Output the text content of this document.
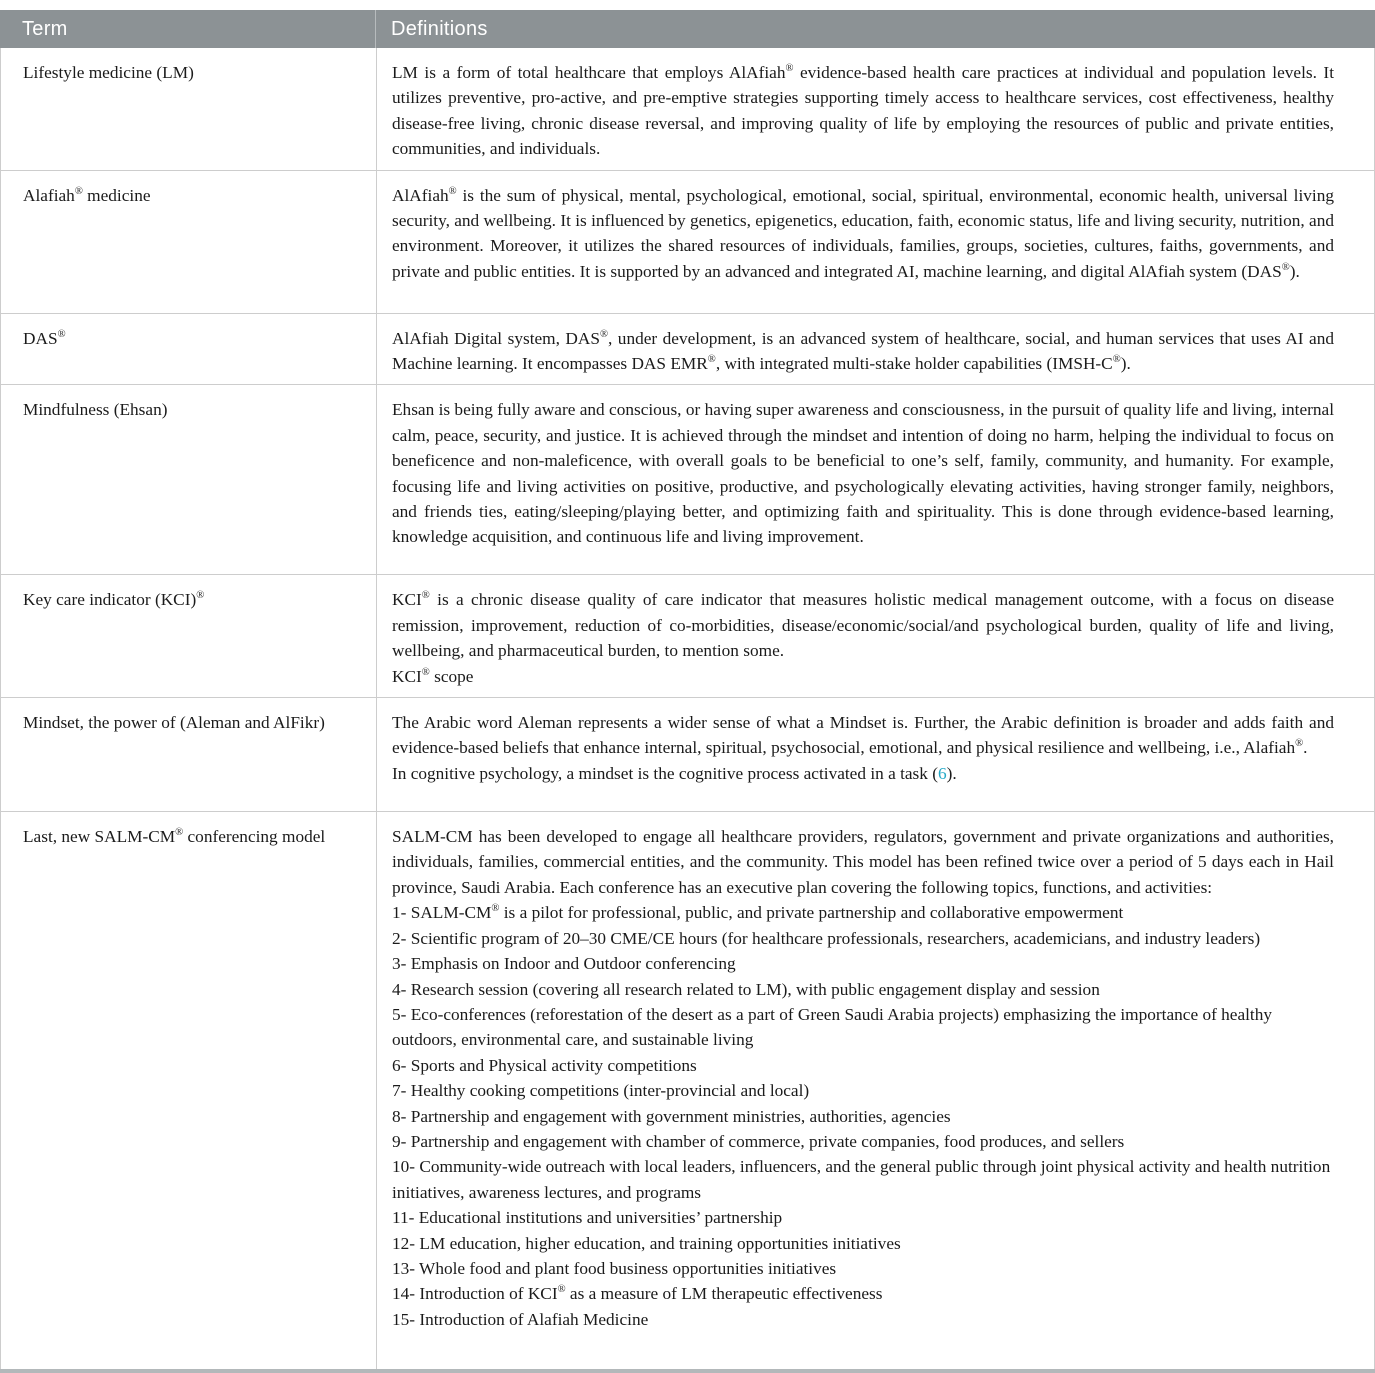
Term	Definitions
Lifestyle medicine (LM)	LM is a form of total healthcare that employs AlAfiah® evidence-based health care practices at individual and population levels. It utilizes preventive, pro-active, and pre-emptive strategies supporting timely access to healthcare services, cost effectiveness, healthy disease-free living, chronic disease reversal, and improving quality of life by employing the resources of public and private entities, communities, and individuals.
Alafiah® medicine	AlAfiah® is the sum of physical, mental, psychological, emotional, social, spiritual, environmental, economic health, universal living security, and wellbeing. It is influenced by genetics, epigenetics, education, faith, economic status, life and living security, nutrition, and environment. Moreover, it utilizes the shared resources of individuals, families, groups, societies, cultures, faiths, governments, and private and public entities. It is supported by an advanced and integrated AI, machine learning, and digital AlAfiah system (DAS®).
DAS®	AlAfiah Digital system, DAS®, under development, is an advanced system of healthcare, social, and human services that uses AI and Machine learning. It encompasses DAS EMR®, with integrated multi-stake holder capabilities (IMSH-C®).
Mindfulness (Ehsan)	Ehsan is being fully aware and conscious, or having super awareness and consciousness, in the pursuit of quality life and living, internal calm, peace, security, and justice. It is achieved through the mindset and intention of doing no harm, helping the individual to focus on beneficence and non-maleficence, with overall goals to be beneficial to one’s self, family, community, and humanity. For example, focusing life and living activities on positive, productive, and psychologically elevating activities, having stronger family, neighbors, and friends ties, eating/sleeping/playing better, and optimizing faith and spirituality. This is done through evidence-based learning, knowledge acquisition, and continuous life and living improvement.
Key care indicator (KCI)®	KCI® is a chronic disease quality of care indicator that measures holistic medical management outcome, with a focus on disease remission, improvement, reduction of co-morbidities, disease/economic/social/and psychological burden, quality of life and living, wellbeing, and pharmaceutical burden, to mention some.
KCI® scope
Mindset, the power of (Aleman and AlFikr)	The Arabic word Aleman represents a wider sense of what a Mindset is. Further, the Arabic definition is broader and adds faith and evidence-based beliefs that enhance internal, spiritual, psychosocial, emotional, and physical resilience and wellbeing, i.e., Alafiah®.
In cognitive psychology, a mindset is the cognitive process activated in a task (6).
Last, new SALM-CM® conferencing model	SALM-CM has been developed to engage all healthcare providers, regulators, government and private organizations and authorities, individuals, families, commercial entities, and the community. This model has been refined twice over a period of 5 days each in Hail province, Saudi Arabia. Each conference has an executive plan covering the following topics, functions, and activities:
1- SALM-CM® is a pilot for professional, public, and private partnership and collaborative empowerment
2- Scientific program of 20–30 CME/CE hours (for healthcare professionals, researchers, academicians, and industry leaders)
3- Emphasis on Indoor and Outdoor conferencing
4- Research session (covering all research related to LM), with public engagement display and session
5- Eco-conferences (reforestation of the desert as a part of Green Saudi Arabia projects) emphasizing the importance of healthy outdoors, environmental care, and sustainable living
6- Sports and Physical activity competitions
7- Healthy cooking competitions (inter-provincial and local)
8- Partnership and engagement with government ministries, authorities, agencies
9- Partnership and engagement with chamber of commerce, private companies, food produces, and sellers
10- Community-wide outreach with local leaders, influencers, and the general public through joint physical activity and health nutrition initiatives, awareness lectures, and programs
11- Educational institutions and universities’ partnership
12- LM education, higher education, and training opportunities initiatives
13- Whole food and plant food business opportunities initiatives
14- Introduction of KCI® as a measure of LM therapeutic effectiveness
15- Introduction of Alafiah Medicine
